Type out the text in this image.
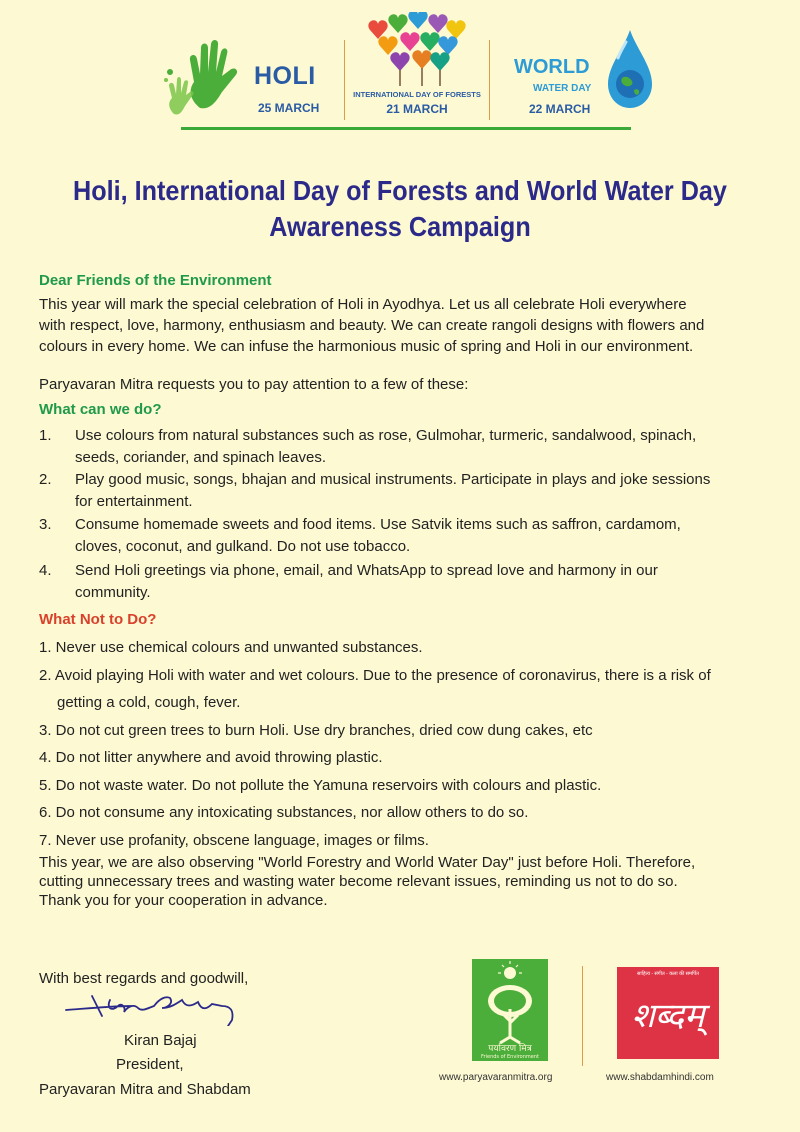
HOLI
25 MARCH
INTERNATIONAL DAY OF FORESTS
21 MARCH
WORLD
WATER DAY
22 MARCH
Holi, International Day of Forests and World Water Day
Awareness Campaign
Dear Friends of the Environment
This year will mark the special celebration of Holi in Ayodhya. Let us all celebrate Holi everywhere
with respect, love, harmony, enthusiasm and beauty. We can create rangoli designs with flowers and
colours in every home. We can infuse the harmonious music of spring and Holi in our environment.
Paryavaran Mitra requests you to pay attention to a few of these:
What can we do?
1. Use colours from natural substances such as rose, Gulmohar, turmeric, sandalwood, spinach,
seeds, coriander, and spinach leaves.
2. Play good music, songs, bhajan and musical instruments. Participate in plays and joke sessions
for entertainment.
3. Consume homemade sweets and food items. Use Satvik items such as saffron, cardamom,
cloves, coconut, and gulkand. Do not use tobacco.
4. Send Holi greetings via phone, email, and WhatsApp to spread love and harmony in our
community.
What Not to Do?
1. Never use chemical colours and unwanted substances.
2. Avoid playing Holi with water and wet colours. Due to the presence of coronavirus, there is a risk of
getting a cold, cough, fever.
3. Do not cut green trees to burn Holi. Use dry branches, dried cow dung cakes, etc
4. Do not litter anywhere and avoid throwing plastic.
5. Do not waste water. Do not pollute the Yamuna reservoirs with colours and plastic.
6. Do not consume any intoxicating substances, nor allow others to do so.
7. Never use profanity, obscene language, images or films.
This year, we are also observing "World Forestry and World Water Day" just before Holi. Therefore,
cutting unnecessary trees and wasting water become relevant issues, reminding us not to do so.
Thank you for your cooperation in advance.
With best regards and goodwill,
Kiran Bajaj
President,
Paryavaran Mitra and Shabdam
पर्यावरण मित्र
Friends of Environment
www.paryavaranmitra.org
साहित्य - संगीत - कला की समर्पित
शब्दम्
www.shabdamhindi.com
